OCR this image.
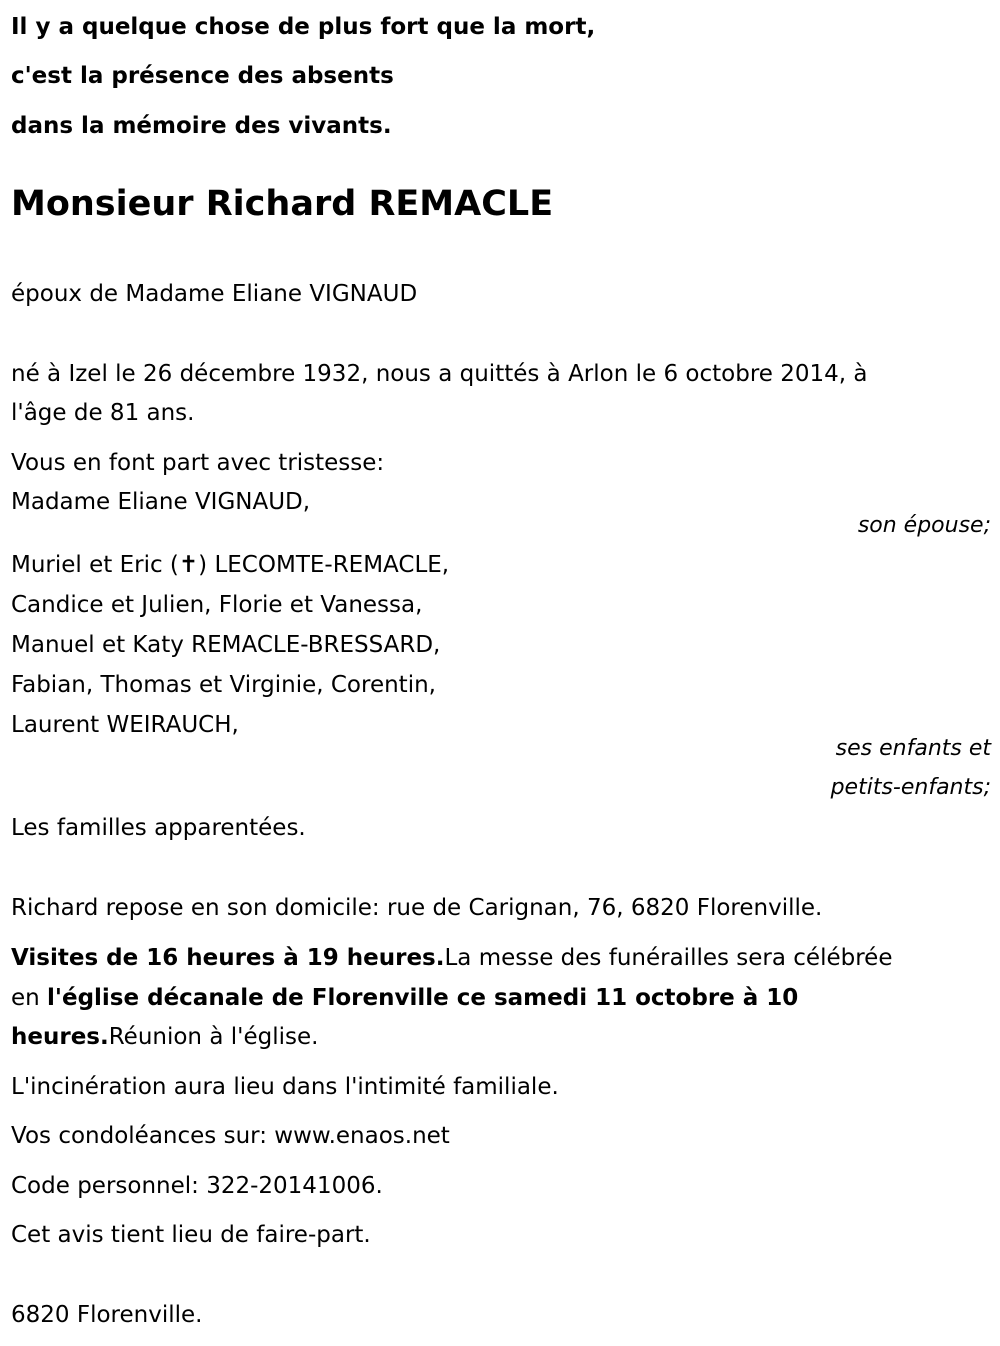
Il y a quelque chose de plus fort que la mort,
c'est la présence des absents
dans la mémoire des vivants.
Monsieur Richard REMACLE
époux de Madame Eliane VIGNAUD
né à Izel le 26 décembre 1932, nous a quittés à Arlon le 6 octobre 2014, à
l'âge de 81 ans.
Vous en font part avec tristesse:
Madame Eliane VIGNAUD,
son épouse;
Muriel et Eric (✝) LECOMTE-REMACLE,
Candice et Julien, Florie et Vanessa,
Manuel et Katy REMACLE-BRESSARD,
Fabian, Thomas et Virginie, Corentin,
Laurent WEIRAUCH,
ses enfants et
petits-enfants;
Les familles apparentées.
Richard repose en son domicile: rue de Carignan, 76, 6820 Florenville.
Visites de 16 heures à 19 heures.La messe des funérailles sera célébrée
en l'église décanale de Florenville ce samedi 11 octobre à 10
heures.Réunion à l'église.
L'incinération aura lieu dans l'intimité familiale.
Vos condoléances sur: www.enaos.net
Code personnel: 322-20141006.
Cet avis tient lieu de faire-part.
6820 Florenville.
